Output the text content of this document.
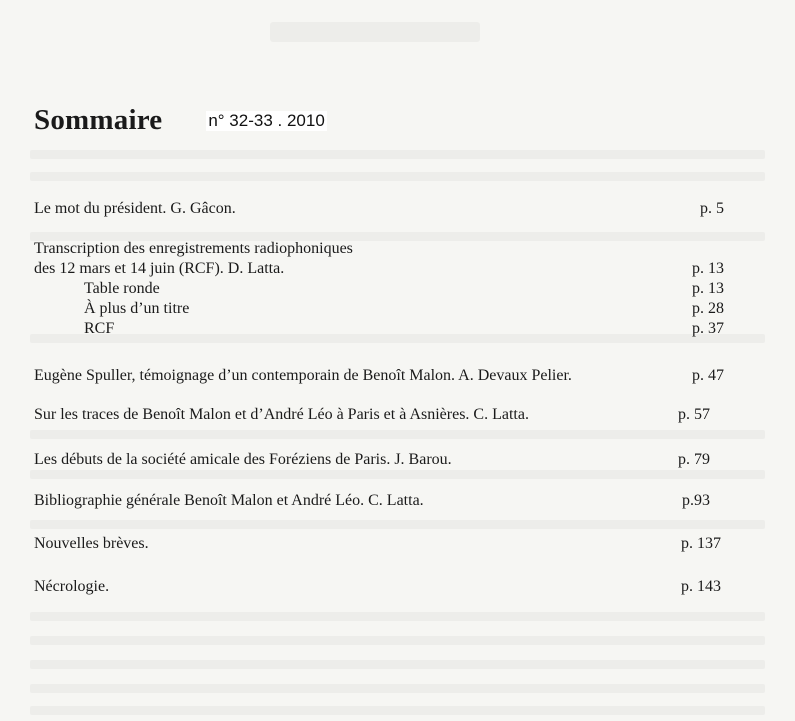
Sommaire	n° 32-33 . 2010
Le mot du président. G. Gâcon.	p. 5
Transcription des enregistrements radiophoniques
des 12 mars et 14 juin (RCF). D. Latta.	p. 13
Table ronde	p. 13
À plus d’un titre	p. 28
RCF	p. 37
Eugène Spuller, témoignage d’un contemporain de Benoît Malon. A. Devaux Pelier.	p. 47
Sur les traces de Benoît Malon et d’André Léo à Paris et à Asnières. C. Latta.	p. 57
Les débuts de la société amicale des Foréziens de Paris. J. Barou.	p. 79
Bibliographie générale Benoît Malon et André Léo. C. Latta.	p.93
Nouvelles brèves.	p. 137
Nécrologie.	p. 143
